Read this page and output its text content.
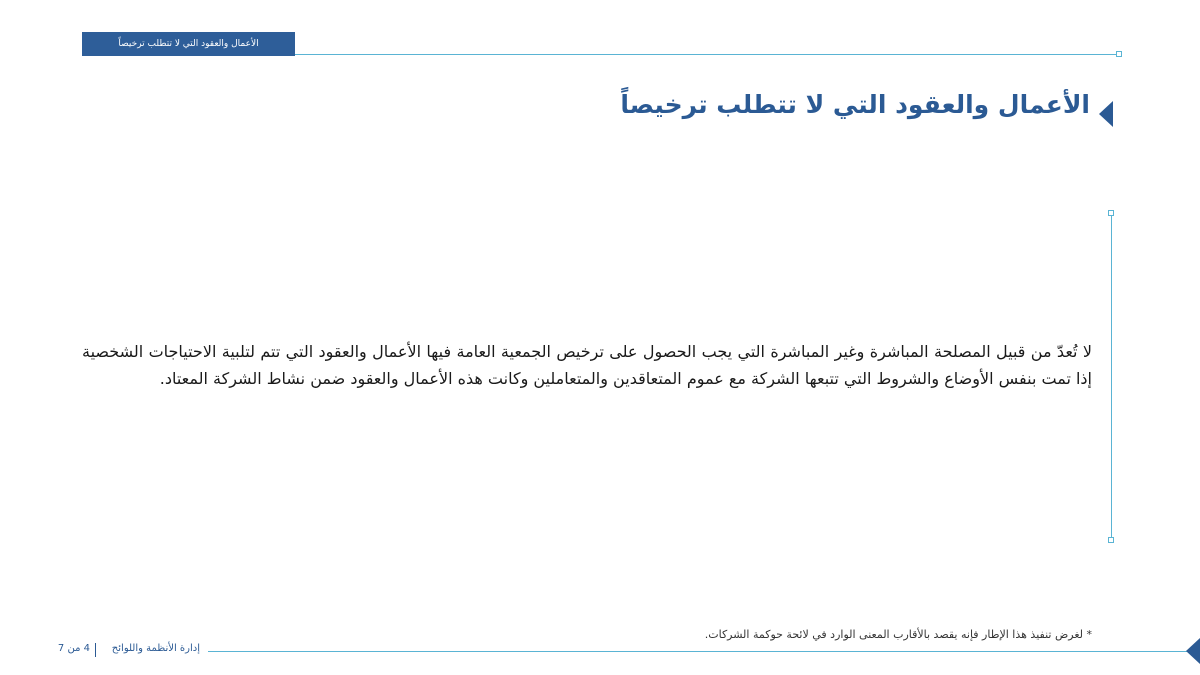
الأعمال والعقود التي لا تتطلب ترخيصاً
الأعمال والعقود التي لا تتطلب ترخيصاً
لا تُعدّ من قبيل المصلحة المباشرة وغير المباشرة التي يجب الحصول على ترخيص الجمعية العامة فيها الأعمال والعقود التي تتم لتلبية الاحتياجات الشخصية إذا تمت بنفس الأوضاع والشروط التي تتبعها الشركة مع عموم المتعاقدين والمتعاملين وكانت هذه الأعمال والعقود ضمن نشاط الشركة المعتاد.
* لغرض تنفيذ هذا الإطار فإنه يقصد بالأقارب المعنى الوارد في لائحة حوكمة الشركات.
إدارة الأنظمة واللوائح
4 من 7
